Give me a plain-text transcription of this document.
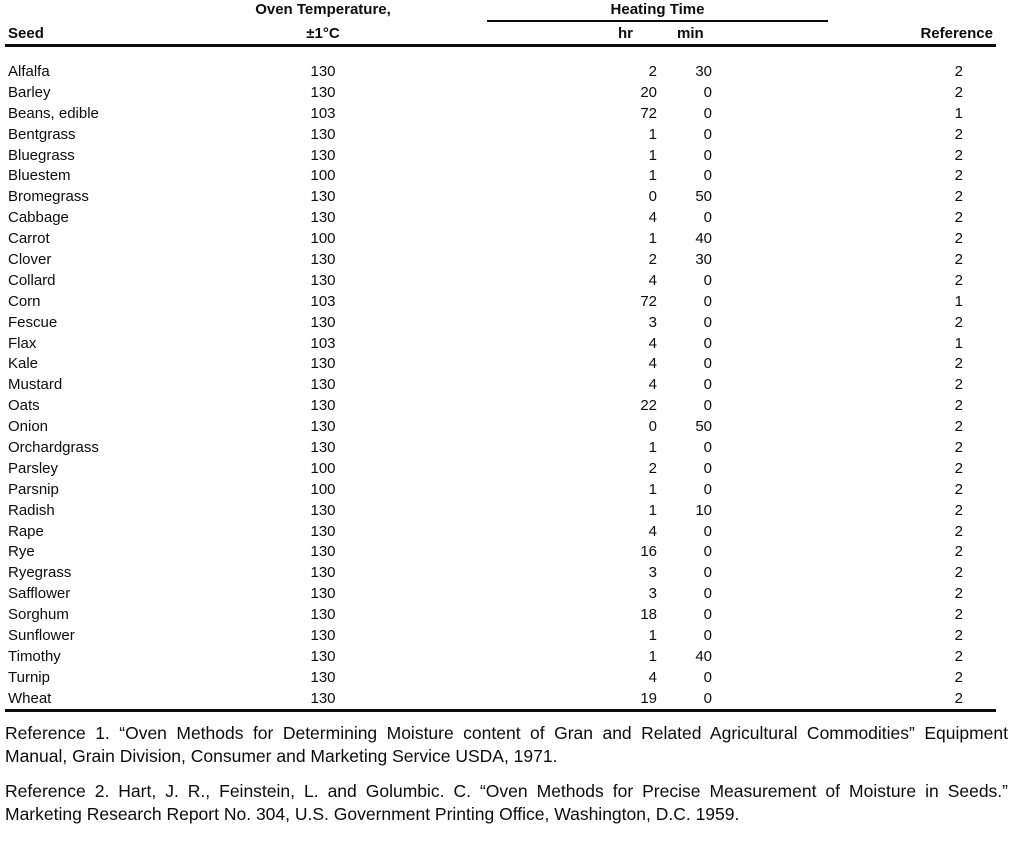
Oven Temperature,	Heating Time
Seed	±1°C	hr	min	Reference
Alfalfa	130	2	30	2
Barley	130	20	0	2
Beans, edible	103	72	0	1
Bentgrass	130	1	0	2
Bluegrass	130	1	0	2
Bluestem	100	1	0	2
Bromegrass	130	0	50	2
Cabbage	130	4	0	2
Carrot	100	1	40	2
Clover	130	2	30	2
Collard	130	4	0	2
Corn	103	72	0	1
Fescue	130	3	0	2
Flax	103	4	0	1
Kale	130	4	0	2
Mustard	130	4	0	2
Oats	130	22	0	2
Onion	130	0	50	2
Orchardgrass	130	1	0	2
Parsley	100	2	0	2
Parsnip	100	1	0	2
Radish	130	1	10	2
Rape	130	4	0	2
Rye	130	16	0	2
Ryegrass	130	3	0	2
Safflower	130	3	0	2
Sorghum	130	18	0	2
Sunflower	130	1	0	2
Timothy	130	1	40	2
Turnip	130	4	0	2
Wheat	130	19	0	2

Reference 1. “Oven Methods for Determining Moisture content of Gran and Related Agricultural Commodities” Equipment Manual, Grain Division, Consumer and Marketing Service USDA, 1971.

Reference 2. Hart, J. R., Feinstein, L. and Golumbic. C. “Oven Methods for Precise Measurement of Moisture in Seeds.” Marketing Research Report No. 304, U.S. Government Printing Office, Washington, D.C. 1959.
